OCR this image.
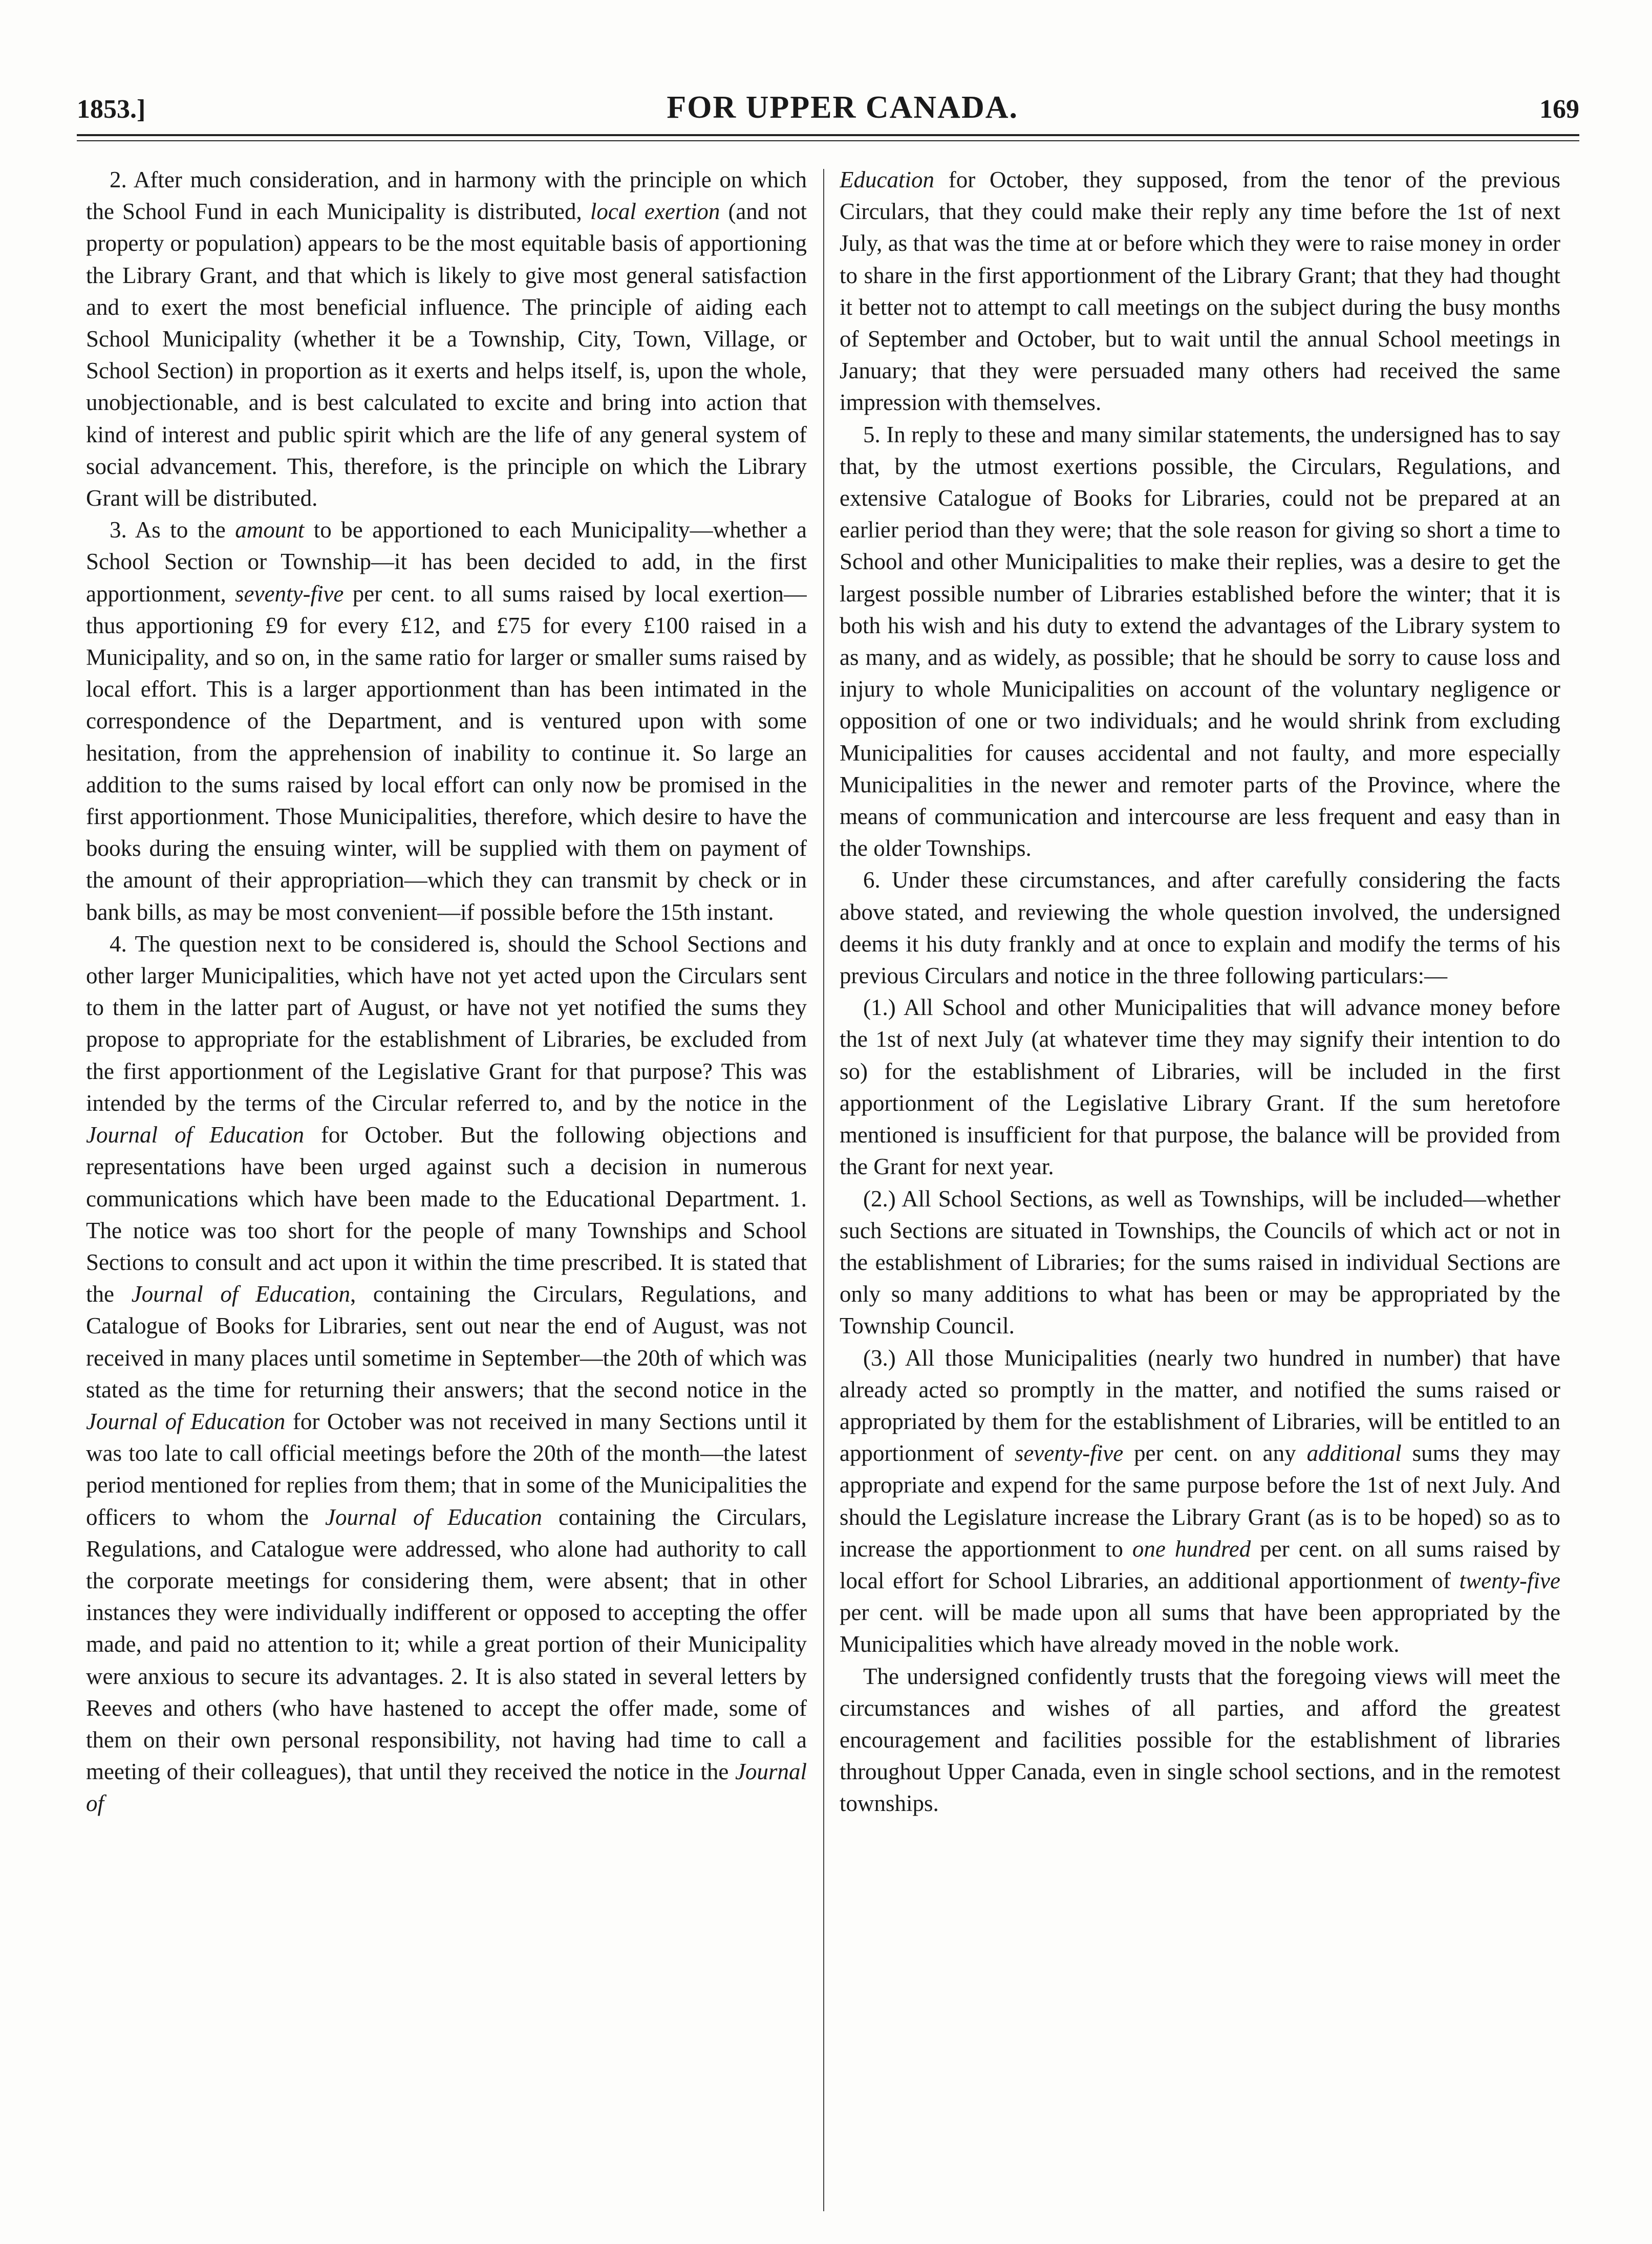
1853.]	FOR UPPER CANADA.	169

2. After much consideration, and in harmony with the principle on which the School Fund in each Municipality is distributed, local exertion (and not property or population) appears to be the most equitable basis of apportioning the Library Grant, and that which is likely to give most general satisfaction and to exert the most beneficial influence. The principle of aiding each School Municipality (whether it be a Township, City, Town, Village, or School Section) in proportion as it exerts and helps itself, is, upon the whole, unobjectionable, and is best calculated to excite and bring into action that kind of interest and public spirit which are the life of any general system of social advancement. This, therefore, is the principle on which the Library Grant will be distributed.

3. As to the amount to be apportioned to each Municipality—whether a School Section or Township—it has been decided to add, in the first apportionment, seventy-five per cent. to all sums raised by local exertion—thus apportioning £9 for every £12, and £75 for every £100 raised in a Municipality, and so on, in the same ratio for larger or smaller sums raised by local effort. This is a larger apportionment than has been intimated in the correspondence of the Department, and is ventured upon with some hesitation, from the apprehension of inability to continue it. So large an addition to the sums raised by local effort can only now be promised in the first apportionment. Those Municipalities, therefore, which desire to have the books during the ensuing winter, will be supplied with them on payment of the amount of their appropriation—which they can transmit by check or in bank bills, as may be most convenient—if possible before the 15th instant.

4. The question next to be considered is, should the School Sections and other larger Municipalities, which have not yet acted upon the Circulars sent to them in the latter part of August, or have not yet notified the sums they propose to appropriate for the establishment of Libraries, be excluded from the first apportionment of the Legislative Grant for that purpose? This was intended by the terms of the Circular referred to, and by the notice in the Journal of Education for October. But the following objections and representations have been urged against such a decision in numerous communications which have been made to the Educational Department. 1. The notice was too short for the people of many Townships and School Sections to consult and act upon it within the time prescribed. It is stated that the Journal of Education, containing the Circulars, Regulations, and Catalogue of Books for Libraries, sent out near the end of August, was not received in many places until sometime in September—the 20th of which was stated as the time for returning their answers; that the second notice in the Journal of Education for October was not received in many Sections until it was too late to call official meetings before the 20th of the month—the latest period mentioned for replies from them; that in some of the Municipalities the officers to whom the Journal of Education containing the Circulars, Regulations, and Catalogue were addressed, who alone had authority to call the corporate meetings for considering them, were absent; that in other instances they were individually indifferent or opposed to accepting the offer made, and paid no attention to it; while a great portion of their Municipality were anxious to secure its advantages. 2. It is also stated in several letters by Reeves and others (who have hastened to accept the offer made, some of them on their own personal responsibility, not having had time to call a meeting of their colleagues), that until they received the notice in the Journal of

Education for October, they supposed, from the tenor of the previous Circulars, that they could make their reply any time before the 1st of next July, as that was the time at or before which they were to raise money in order to share in the first apportionment of the Library Grant; that they had thought it better not to attempt to call meetings on the subject during the busy months of September and October, but to wait until the annual School meetings in January; that they were persuaded many others had received the same impression with themselves.

5. In reply to these and many similar statements, the undersigned has to say that, by the utmost exertions possible, the Circulars, Regulations, and extensive Catalogue of Books for Libraries, could not be prepared at an earlier period than they were; that the sole reason for giving so short a time to School and other Municipalities to make their replies, was a desire to get the largest possible number of Libraries established before the winter; that it is both his wish and his duty to extend the advantages of the Library system to as many, and as widely, as possible; that he should be sorry to cause loss and injury to whole Municipalities on account of the voluntary negligence or opposition of one or two individuals; and he would shrink from excluding Municipalities for causes accidental and not faulty, and more especially Municipalities in the newer and remoter parts of the Province, where the means of communication and intercourse are less frequent and easy than in the older Townships.

6. Under these circumstances, and after carefully considering the facts above stated, and reviewing the whole question involved, the undersigned deems it his duty frankly and at once to explain and modify the terms of his previous Circulars and notice in the three following particulars:—

(1.) All School and other Municipalities that will advance money before the 1st of next July (at whatever time they may signify their intention to do so) for the establishment of Libraries, will be included in the first apportionment of the Legislative Library Grant. If the sum heretofore mentioned is insufficient for that purpose, the balance will be provided from the Grant for next year.

(2.) All School Sections, as well as Townships, will be included—whether such Sections are situated in Townships, the Councils of which act or not in the establishment of Libraries; for the sums raised in individual Sections are only so many additions to what has been or may be appropriated by the Township Council.

(3.) All those Municipalities (nearly two hundred in number) that have already acted so promptly in the matter, and notified the sums raised or appropriated by them for the establishment of Libraries, will be entitled to an apportionment of seventy-five per cent. on any additional sums they may appropriate and expend for the same purpose before the 1st of next July. And should the Legislature increase the Library Grant (as is to be hoped) so as to increase the apportionment to one hundred per cent. on all sums raised by local effort for School Libraries, an additional apportionment of twenty-five per cent. will be made upon all sums that have been appropriated by the Municipalities which have already moved in the noble work.

The undersigned confidently trusts that the foregoing views will meet the circumstances and wishes of all parties, and afford the greatest encouragement and facilities possible for the establishment of libraries throughout Upper Canada, even in single school sections, and in the remotest townships.
